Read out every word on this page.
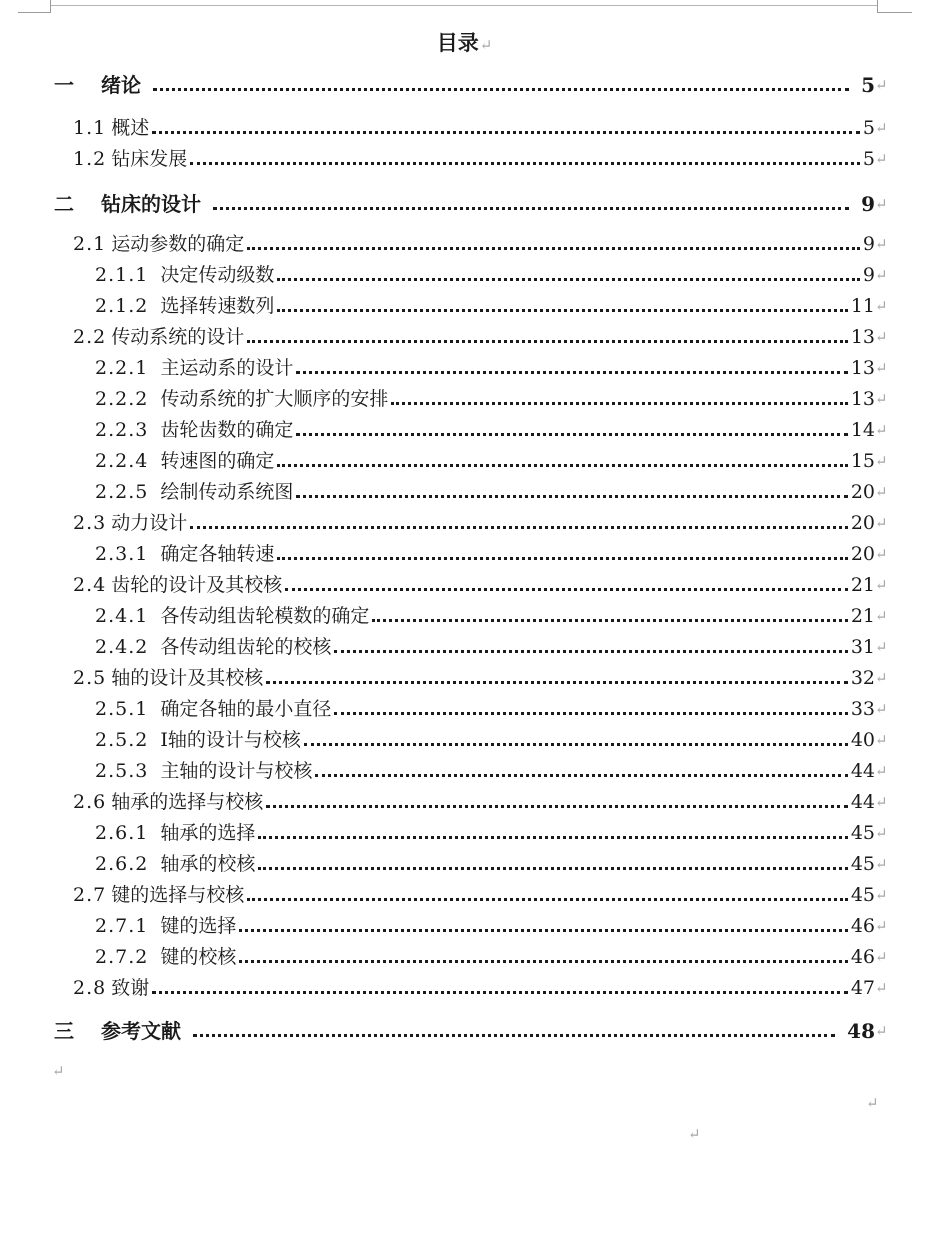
目录↵
一	绪论	5 ↵
1.1 概述	5 ↵
1.2 钻床发展	5 ↵
二	钻床的设计	9 ↵
2.1 运动参数的确定	9 ↵
2.1.1 决定传动级数	9 ↵
2.1.2 选择转速数列	11 ↵
2.2 传动系统的设计	13 ↵
2.2.1 主运动系的设计	13 ↵
2.2.2 传动系统的扩大顺序的安排	13 ↵
2.2.3 齿轮齿数的确定	14 ↵
2.2.4 转速图的确定	15 ↵
2.2.5 绘制传动系统图	20 ↵
2.3 动力设计	20 ↵
2.3.1 确定各轴转速	20 ↵
2.4 齿轮的设计及其校核	21 ↵
2.4.1 各传动组齿轮模数的确定	21 ↵
2.4.2 各传动组齿轮的校核	31 ↵
2.5 轴的设计及其校核	32 ↵
2.5.1 确定各轴的最小直径	33 ↵
2.5.2 Ⅰ轴的设计与校核	40 ↵
2.5.3 主轴的设计与校核	44 ↵
2.6 轴承的选择与校核	44 ↵
2.6.1 轴承的选择	45 ↵
2.6.2 轴承的校核	45 ↵
2.7 键的选择与校核	45 ↵
2.7.1 键的选择	46 ↵
2.7.2 键的校核	46 ↵
2.8 致谢	47 ↵
三	参考文献	48 ↵
↵
↵
↵
